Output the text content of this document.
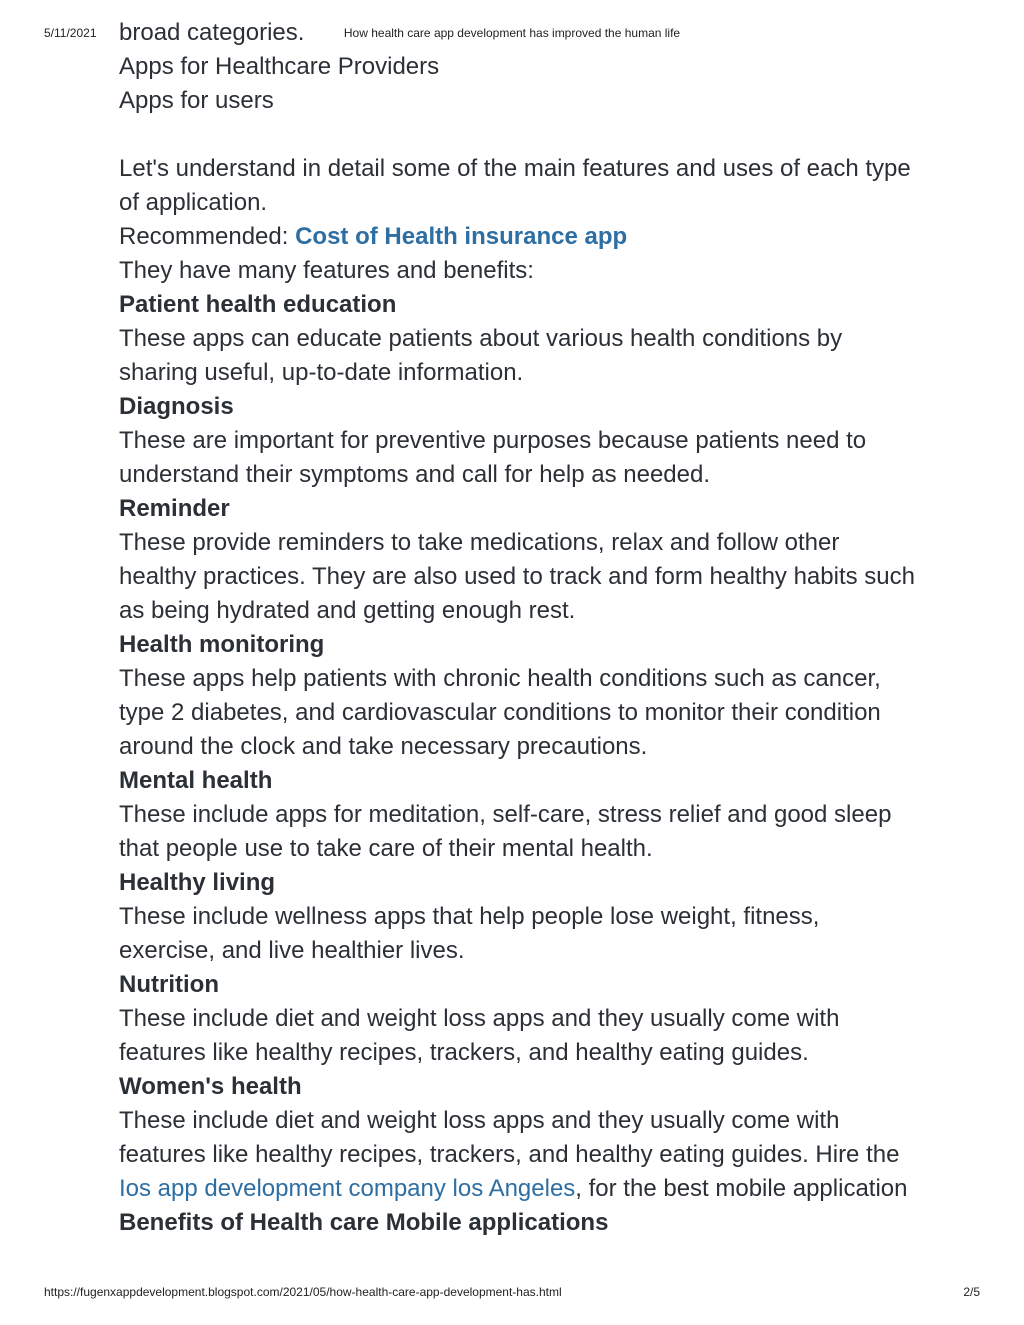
5/11/2021	How health care app development has improved the human life

broad categories.

Apps for Healthcare Providers

Apps for users

Let's understand in detail some of the main features and uses of each type of application.

Recommended: Cost of Health insurance app

They have many features and benefits:

Patient health education

These apps can educate patients about various health conditions by sharing useful, up-to-date information.

Diagnosis

These are important for preventive purposes because patients need to understand their symptoms and call for help as needed.

Reminder

These provide reminders to take medications, relax and follow other healthy practices. They are also used to track and form healthy habits such as being hydrated and getting enough rest.

Health monitoring

These apps help patients with chronic health conditions such as cancer, type 2 diabetes, and cardiovascular conditions to monitor their condition around the clock and take necessary precautions.

Mental health

These include apps for meditation, self-care, stress relief and good sleep that people use to take care of their mental health.

Healthy living

These include wellness apps that help people lose weight, fitness, exercise, and live healthier lives.

Nutrition

These include diet and weight loss apps and they usually come with features like healthy recipes, trackers, and healthy eating guides.

Women's health

These include diet and weight loss apps and they usually come with features like healthy recipes, trackers, and healthy eating guides. Hire the Ios app development company los Angeles, for the best mobile application

Benefits of Health care Mobile applications

https://fugenxappdevelopment.blogspot.com/2021/05/how-health-care-app-development-has.html	2/5
